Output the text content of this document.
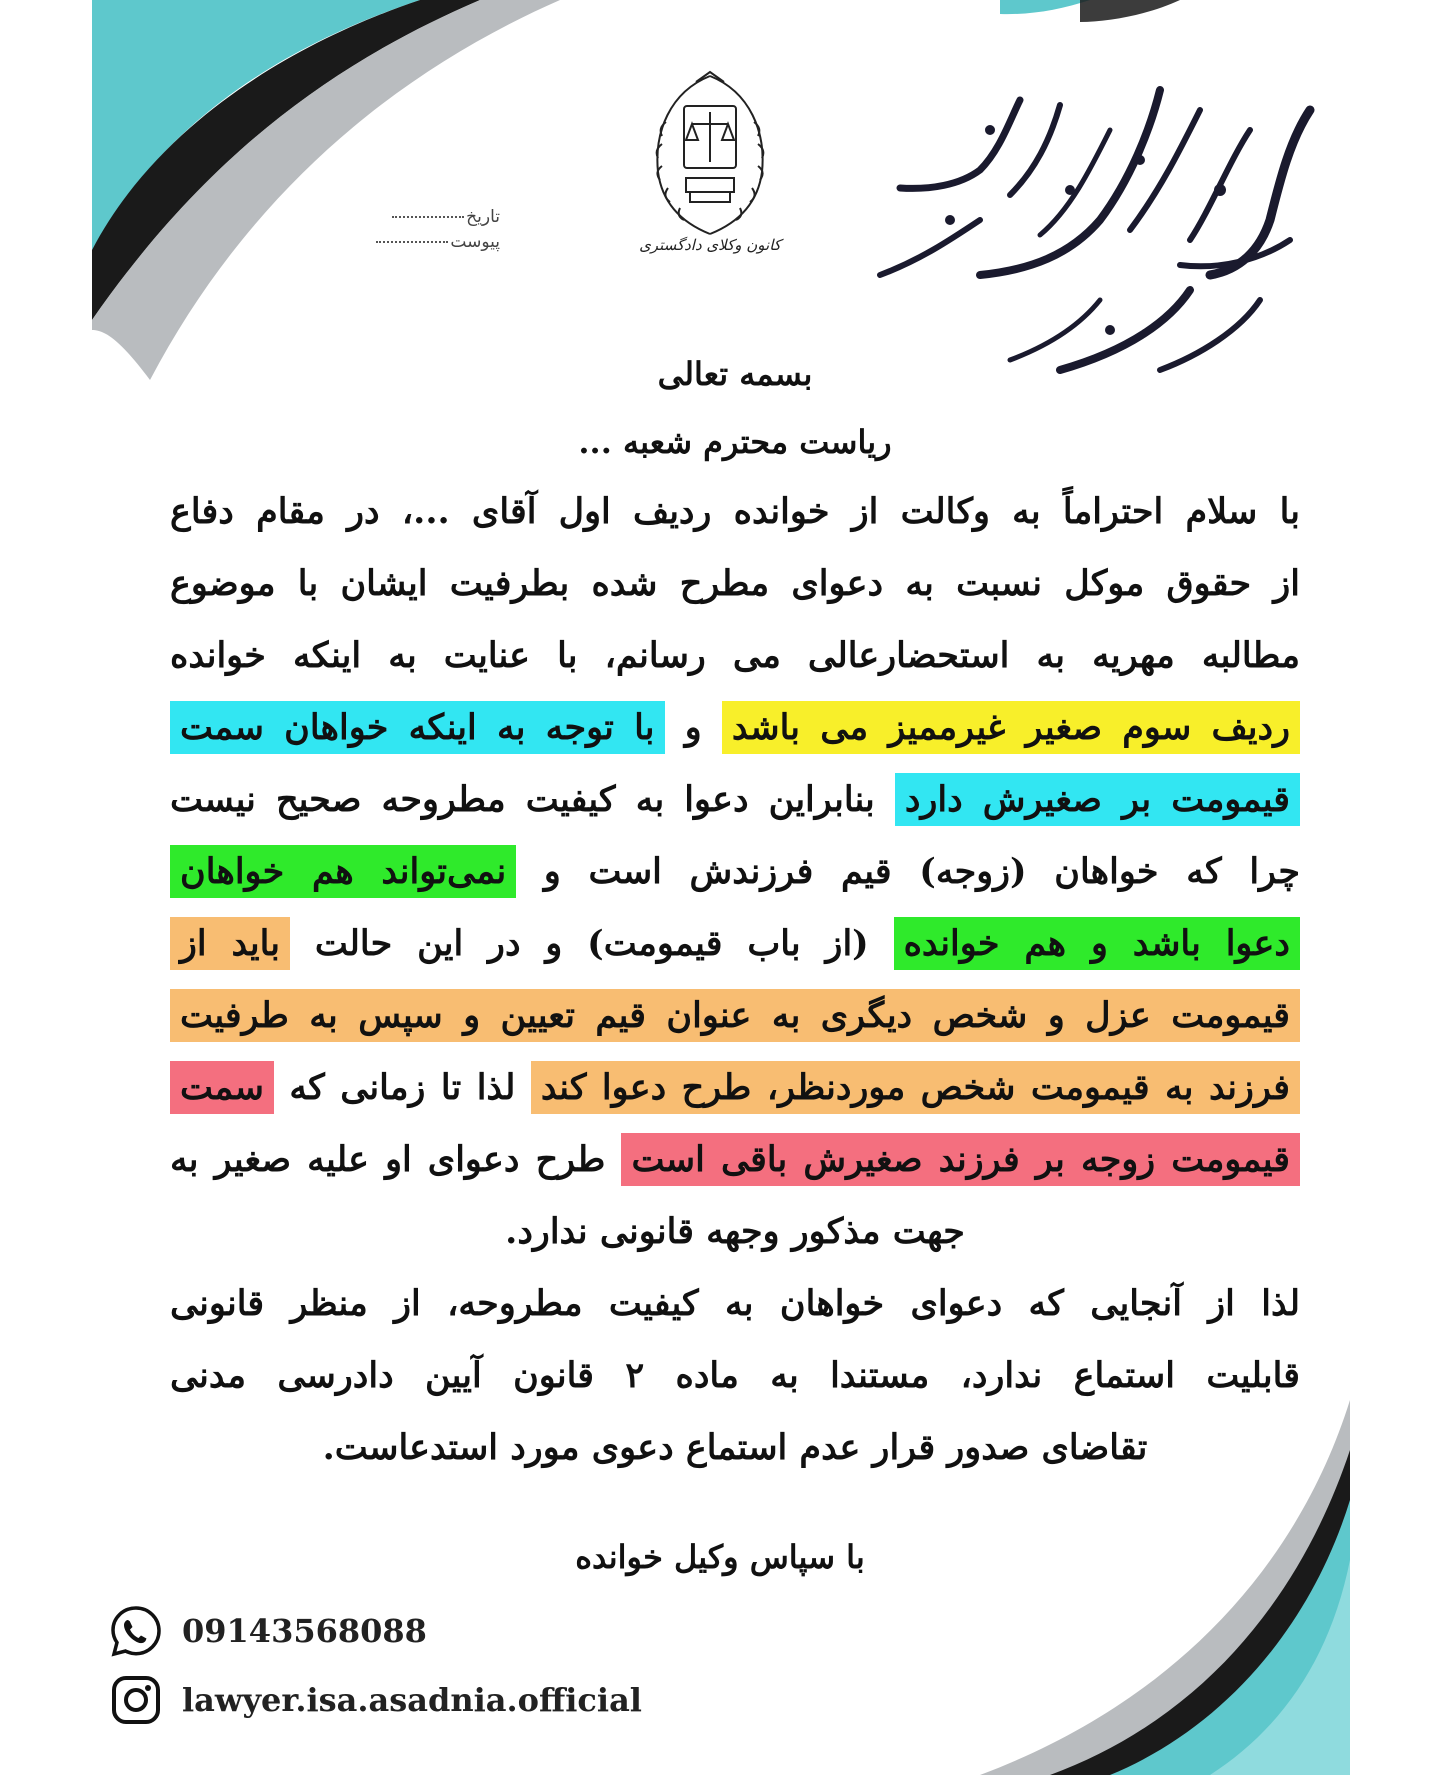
کانون وکلای دادگستری
تاریخ
پیوست
بسمه تعالی
ریاست محترم شعبه ...
با سلام احتراماً به وکالت از خوانده ردیف اول آقای ...، در مقام دفاع
از حقوق موکل نسبت به دعوای مطرح شده بطرفیت ایشان با موضوع
مطالبه مهریه به استحضارعالی می رسانم، با عنایت به اینکه خوانده
ردیف سوم صغیر غیرممیز می باشد و با توجه به اینکه خواهان سمت
قیمومت بر صغیرش دارد بنابراین دعوا به کیفیت مطروحه صحیح نیست
چرا که خواهان (زوجه) قیم فرزندش است و نمی‌تواند هم خواهان
دعوا باشد و هم خوانده (از باب قیمومت) و در این حالت باید از
قیمومت عزل و شخص دیگری به عنوان قیم تعیین و سپس به طرفیت
فرزند به قیمومت شخص موردنظر، طرح دعوا کند لذا تا زمانی که سمت
قیمومت زوجه بر فرزند صغیرش باقی است طرح دعوای او علیه صغیر به
جهت مذکور وجهه قانونی ندارد.
لذا از آنجایی که دعوای خواهان به کیفیت مطروحه، از منظر قانونی
قابلیت استماع ندارد، مستندا به ماده ۲ قانون آیین دادرسی مدنی
تقاضای صدور قرار عدم استماع دعوی مورد استدعاست.
با سپاس وکیل خوانده
09143568088
lawyer.isa.asadnia.official
